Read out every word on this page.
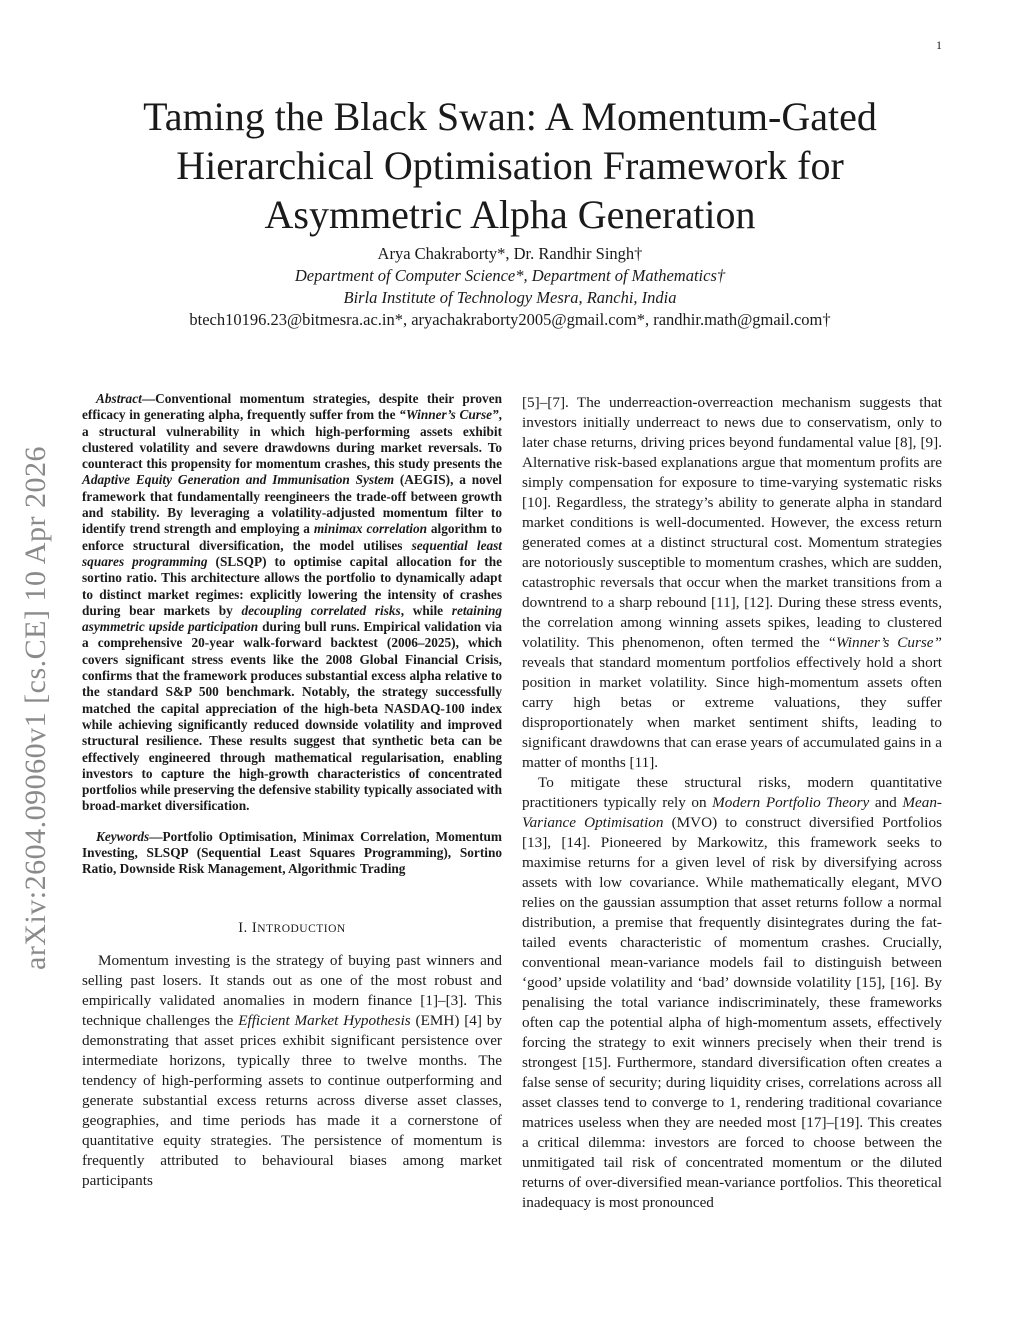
1
arXiv:2604.09060v1 [cs.CE] 10 Apr 2026
Taming the Black Swan: A Momentum-Gated
Hierarchical Optimisation Framework for
Asymmetric Alpha Generation
Arya Chakraborty*, Dr. Randhir Singh†
Department of Computer Science*, Department of Mathematics†
Birla Institute of Technology Mesra, Ranchi, India
btech10196.23@bitmesra.ac.in*, aryachakraborty2005@gmail.com*, randhir.math@gmail.com†

Abstract—Conventional momentum strategies, despite their proven efficacy in generating alpha, frequently suffer from the “Winner’s Curse”, a structural vulnerability in which high-performing assets exhibit clustered volatility and severe drawdowns during market reversals. To counteract this propensity for momentum crashes, this study presents the Adaptive Equity Generation and Immunisation System (AEGIS), a novel framework that fundamentally reengineers the trade-off between growth and stability. By leveraging a volatility-adjusted momentum filter to identify trend strength and employing a minimax correlation algorithm to enforce structural diversification, the model utilises sequential least squares programming (SLSQP) to optimise capital allocation for the sortino ratio. This architecture allows the portfolio to dynamically adapt to distinct market regimes: explicitly lowering the intensity of crashes during bear markets by decoupling correlated risks, while retaining asymmetric upside participation during bull runs. Empirical validation via a comprehensive 20-year walk-forward backtest (2006–2025), which covers significant stress events like the 2008 Global Financial Crisis, confirms that the framework produces substantial excess alpha relative to the standard S&P 500 benchmark. Notably, the strategy successfully matched the capital appreciation of the high-beta NASDAQ-100 index while achieving significantly reduced downside volatility and improved structural resilience. These results suggest that synthetic beta can be effectively engineered through mathematical regularisation, enabling investors to capture the high-growth characteristics of concentrated portfolios while preserving the defensive stability typically associated with broad-market diversification.

Keywords—Portfolio Optimisation, Minimax Correlation, Momentum Investing, SLSQP (Sequential Least Squares Programming), Sortino Ratio, Downside Risk Management, Algorithmic Trading

I. INTRODUCTION

Momentum investing is the strategy of buying past winners and selling past losers. It stands out as one of the most robust and empirically validated anomalies in modern finance [1]–[3]. This technique challenges the Efficient Market Hypothesis (EMH) [4] by demonstrating that asset prices exhibit significant persistence over intermediate horizons, typically three to twelve months. The tendency of high-performing assets to continue outperforming and generate substantial excess returns across diverse asset classes, geographies, and time periods has made it a cornerstone of quantitative equity strategies. The persistence of momentum is frequently attributed to behavioural biases among market participants

[5]–[7]. The underreaction-overreaction mechanism suggests that investors initially underreact to news due to conservatism, only to later chase returns, driving prices beyond fundamental value [8], [9]. Alternative risk-based explanations argue that momentum profits are simply compensation for exposure to time-varying systematic risks [10]. Regardless, the strategy’s ability to generate alpha in standard market conditions is well-documented. However, the excess return generated comes at a distinct structural cost. Momentum strategies are notoriously susceptible to momentum crashes, which are sudden, catastrophic reversals that occur when the market transitions from a downtrend to a sharp rebound [11], [12]. During these stress events, the correlation among winning assets spikes, leading to clustered volatility. This phenomenon, often termed the “Winner’s Curse” reveals that standard momentum portfolios effectively hold a short position in market volatility. Since high-momentum assets often carry high betas or extreme valuations, they suffer disproportionately when market sentiment shifts, leading to significant drawdowns that can erase years of accumulated gains in a matter of months [11].

To mitigate these structural risks, modern quantitative practitioners typically rely on Modern Portfolio Theory and Mean-Variance Optimisation (MVO) to construct diversified Portfolios [13], [14]. Pioneered by Markowitz, this framework seeks to maximise returns for a given level of risk by diversifying across assets with low covariance. While mathematically elegant, MVO relies on the gaussian assumption that asset returns follow a normal distribution, a premise that frequently disintegrates during the fat-tailed events characteristic of momentum crashes. Crucially, conventional mean-variance models fail to distinguish between ‘good’ upside volatility and ‘bad’ downside volatility [15], [16]. By penalising the total variance indiscriminately, these frameworks often cap the potential alpha of high-momentum assets, effectively forcing the strategy to exit winners precisely when their trend is strongest [15]. Furthermore, standard diversification often creates a false sense of security; during liquidity crises, correlations across all asset classes tend to converge to 1, rendering traditional covariance matrices useless when they are needed most [17]–[19]. This creates a critical dilemma: investors are forced to choose between the unmitigated tail risk of concentrated momentum or the diluted returns of over-diversified mean-variance portfolios. This theoretical inadequacy is most pronounced
